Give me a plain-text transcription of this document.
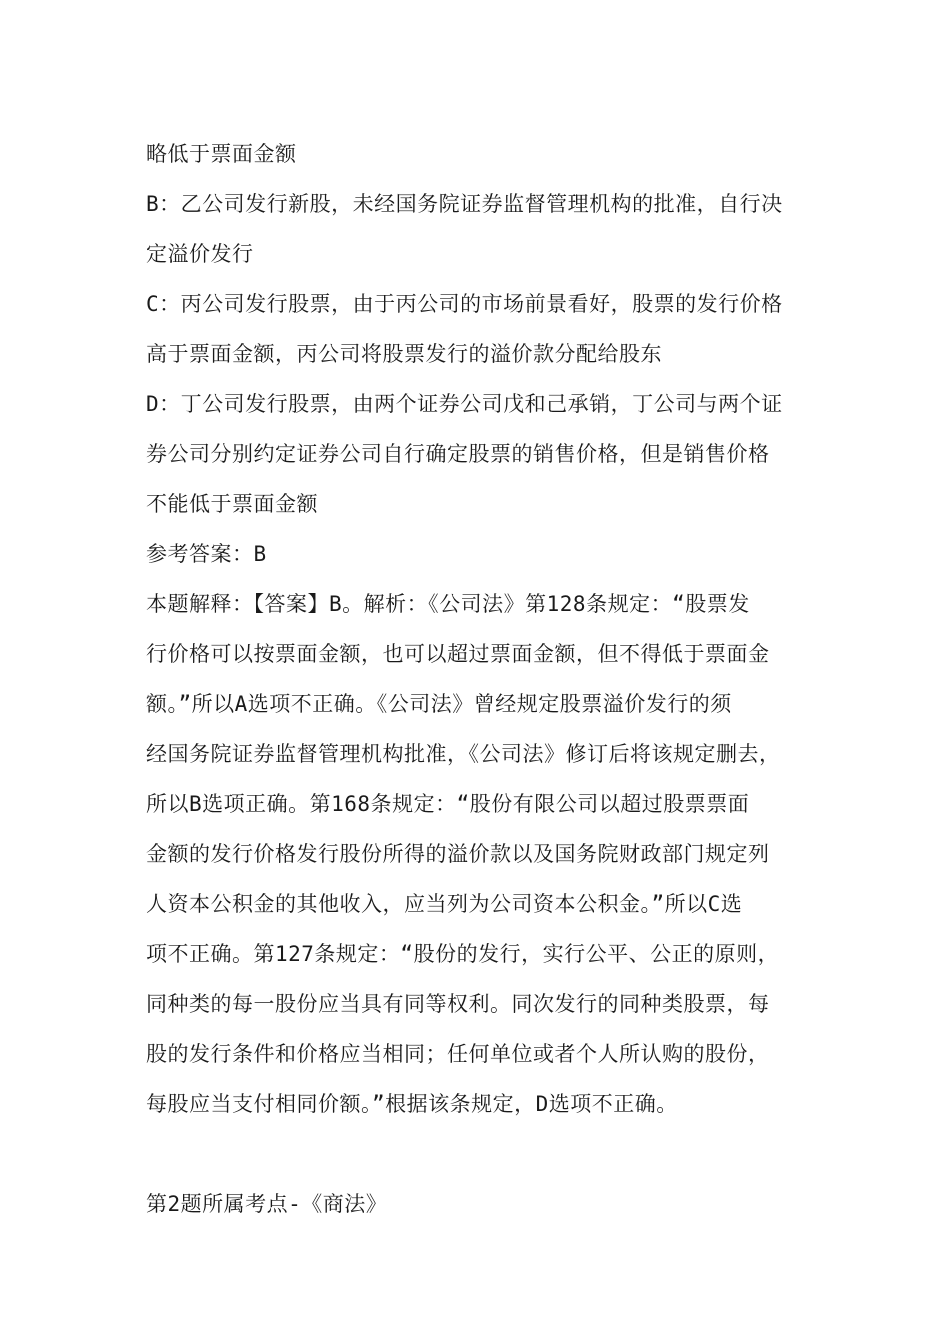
略低于票面金额
B：乙公司发行新股，未经国务院证券监督管理机构的批准，自行决
定溢价发行
C：丙公司发行股票，由于丙公司的市场前景看好，股票的发行价格
高于票面金额，丙公司将股票发行的溢价款分配给股东
D：丁公司发行股票，由两个证券公司戊和己承销，丁公司与两个证
券公司分别约定证券公司自行确定股票的销售价格，但是销售价格
不能低于票面金额
参考答案：B
本题解释：【答案】B。解析：《公司法》第128条规定：“股票发
行价格可以按票面金额，也可以超过票面金额，但不得低于票面金
额。”所以A选项不正确。《公司法》曾经规定股票溢价发行的须
经国务院证券监督管理机构批准，《公司法》修订后将该规定删去，
所以B选项正确。第168条规定：“股份有限公司以超过股票票面
金额的发行价格发行股份所得的溢价款以及国务院财政部门规定列
人资本公积金的其他收入，应当列为公司资本公积金。”所以C选
项不正确。第127条规定：“股份的发行，实行公平、公正的原则，
同种类的每一股份应当具有同等权利。同次发行的同种类股票，每
股的发行条件和价格应当相同；任何单位或者个人所认购的股份，
每股应当支付相同价额。”根据该条规定，D选项不正确。
第2题所属考点-《商法》
